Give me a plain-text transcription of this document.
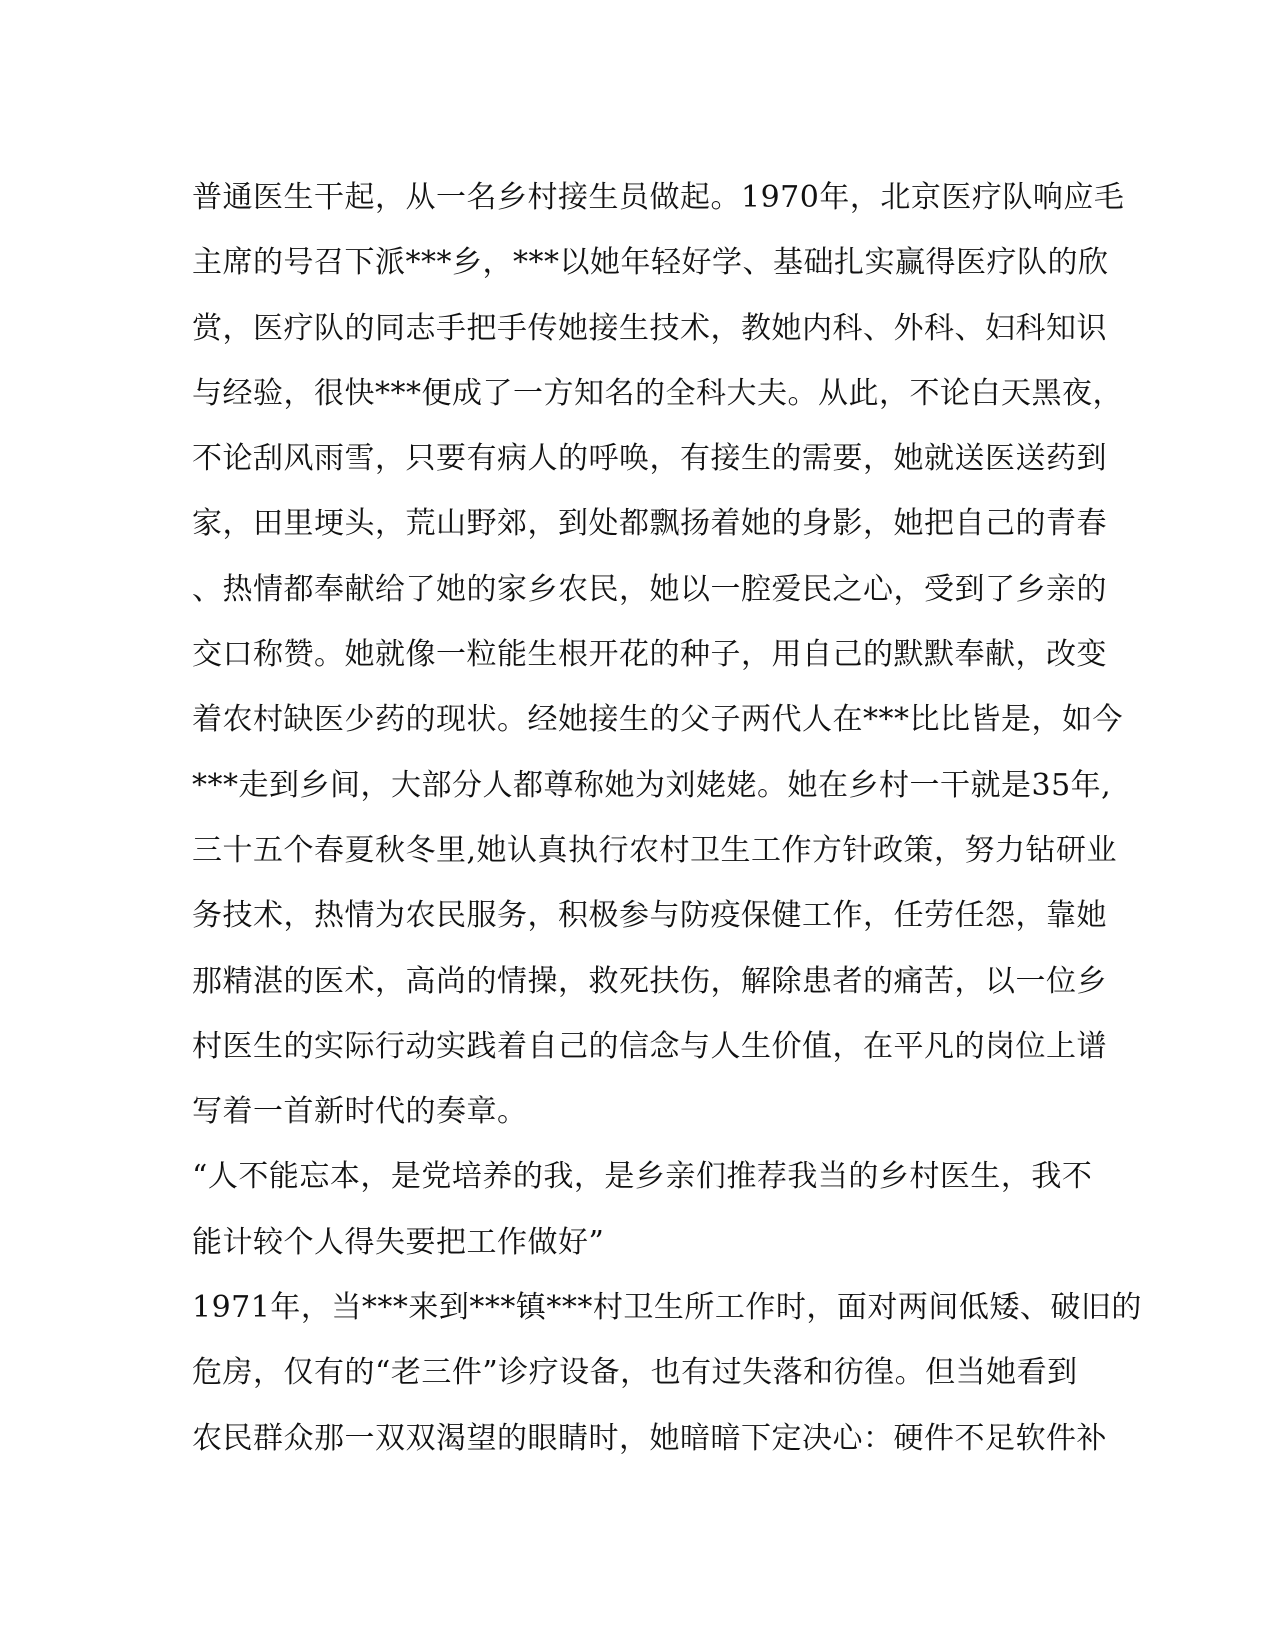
普通医生干起，从一名乡村接生员做起。1970年，北京医疗队响应毛
主席的号召下派***乡，***以她年轻好学、基础扎实赢得医疗队的欣
赏，医疗队的同志手把手传她接生技术，教她内科、外科、妇科知识
与经验，很快***便成了一方知名的全科大夫。从此，不论白天黑夜，
不论刮风雨雪，只要有病人的呼唤，有接生的需要，她就送医送药到
家，田里埂头，荒山野郊，到处都飘扬着她的身影，她把自己的青春
、热情都奉献给了她的家乡农民，她以一腔爱民之心，受到了乡亲的
交口称赞。她就像一粒能生根开花的种子，用自己的默默奉献，改变
着农村缺医少药的现状。经她接生的父子两代人在***比比皆是，如今
***走到乡间，大部分人都尊称她为刘姥姥。她在乡村一干就是35年,
三十五个春夏秋冬里,她认真执行农村卫生工作方针政策，努力钻研业
务技术，热情为农民服务，积极参与防疫保健工作，任劳任怨，靠她
那精湛的医术，高尚的情操，救死扶伤，解除患者的痛苦，以一位乡
村医生的实际行动实践着自己的信念与人生价值，在平凡的岗位上谱
写着一首新时代的奏章。
“人不能忘本，是党培养的我，是乡亲们推荐我当的乡村医生，我不
能计较个人得失要把工作做好”
1971年，当***来到***镇***村卫生所工作时，面对两间低矮、破旧的
危房，仅有的“老三件”诊疗设备，也有过失落和彷徨。但当她看到
农民群众那一双双渴望的眼睛时，她暗暗下定决心：硬件不足软件补
